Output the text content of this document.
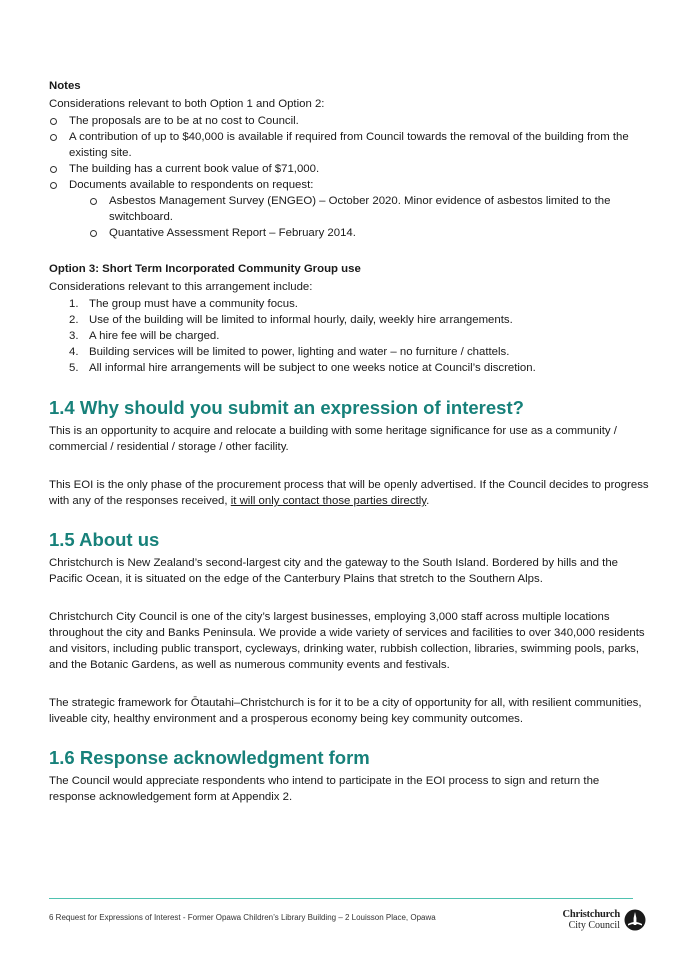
Notes

Considerations relevant to both Option 1 and Option 2:

The proposals are to be at no cost to Council.
A contribution of up to $40,000 is available if required from Council towards the removal of the building from the existing site.
The building has a current book value of $71,000.
Documents available to respondents on request:
Asbestos Management Survey (ENGEO) – October 2020. Minor evidence of asbestos limited to the switchboard.
Quantative Assessment Report – February 2014.

Option 3: Short Term Incorporated Community Group use

Considerations relevant to this arrangement include:

1. The group must have a community focus.
2. Use of the building will be limited to informal hourly, daily, weekly hire arrangements.
3. A hire fee will be charged.
4. Building services will be limited to power, lighting and water – no furniture / chattels.
5. All informal hire arrangements will be subject to one weeks notice at Council’s discretion.
1.4 Why should you submit an expression of interest?

This is an opportunity to acquire and relocate a building with some heritage significance for use as a community / commercial / residential / storage / other facility.

This EOI is the only phase of the procurement process that will be openly advertised. If the Council decides to progress with any of the responses received, it will only contact those parties directly.

1.5 About us

Christchurch is New Zealand’s second-largest city and the gateway to the South Island. Bordered by hills and the Pacific Ocean, it is situated on the edge of the Canterbury Plains that stretch to the Southern Alps.

Christchurch City Council is one of the city’s largest businesses, employing 3,000 staff across multiple locations throughout the city and Banks Peninsula. We provide a wide variety of services and facilities to over 340,000 residents and visitors, including public transport, cycleways, drinking water, rubbish collection, libraries, swimming pools, parks, and the Botanic Gardens, as well as numerous community events and festivals.

The strategic framework for Ōtautahi–Christchurch is for it to be a city of opportunity for all, with resilient communities, liveable city, healthy environment and a prosperous economy being key community outcomes.

1.6 Response acknowledgment form

The Council would appreciate respondents who intend to participate in the EOI process to sign and return the response acknowledgement form at Appendix 2.

6 Request for Expressions of Interest - Former Opawa Children’s Library Building – 2 Louisson Place, Opawa	Christchurch
City Council
